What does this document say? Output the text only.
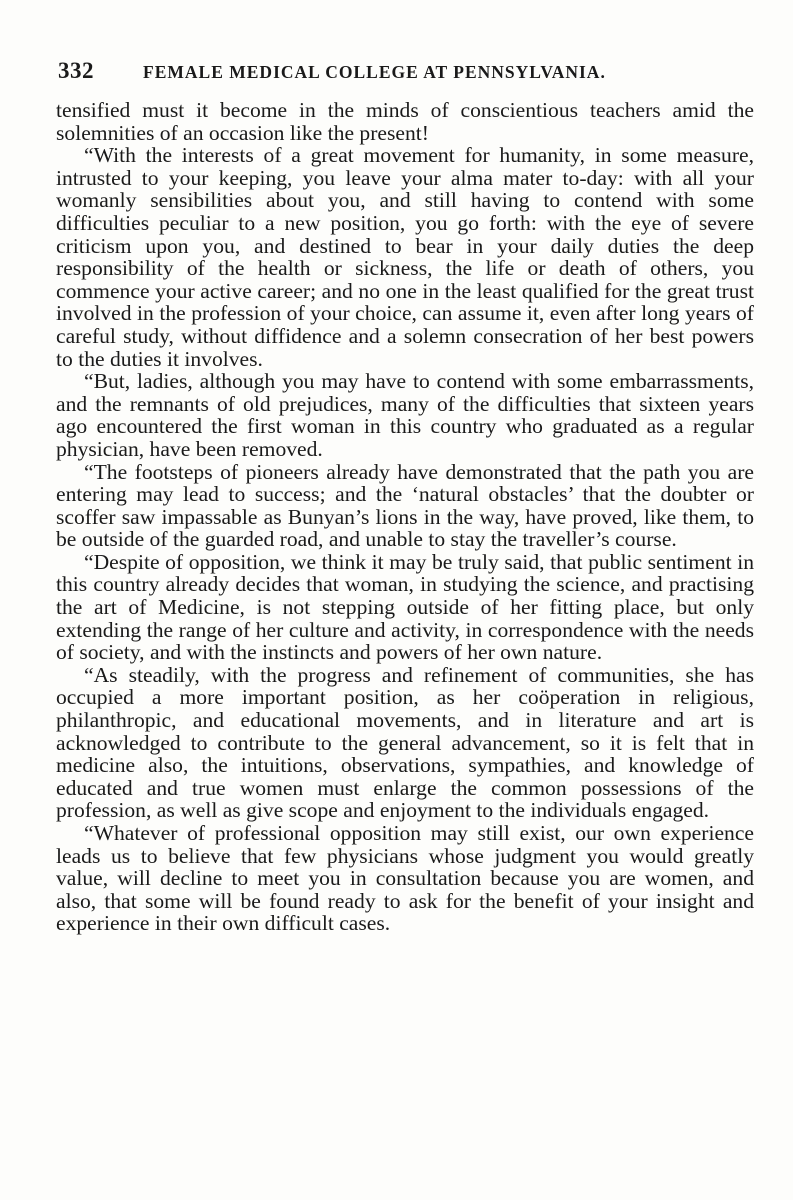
332	FEMALE MEDICAL COLLEGE AT PENNSYLVANIA.

tensified must it become in the minds of conscientious teachers amid the solemnities of an occasion like the present!

“With the interests of a great movement for humanity, in some measure, intrusted to your keeping, you leave your alma mater to-day: with all your womanly sensibilities about you, and still having to contend with some difficulties peculiar to a new position, you go forth: with the eye of severe criticism upon you, and destined to bear in your daily duties the deep responsibility of the health or sickness, the life or death of others, you commence your active career; and no one in the least qualified for the great trust involved in the profession of your choice, can assume it, even after long years of careful study, without diffidence and a solemn consecration of her best powers to the duties it involves.

“But, ladies, although you may have to contend with some embarrassments, and the remnants of old prejudices, many of the difficulties that sixteen years ago encountered the first woman in this country who graduated as a regular physician, have been removed.

“The footsteps of pioneers already have demonstrated that the path you are entering may lead to success; and the ‘natural obstacles’ that the doubter or scoffer saw impassable as Bunyan’s lions in the way, have proved, like them, to be outside of the guarded road, and unable to stay the traveller’s course.

“Despite of opposition, we think it may be truly said, that public sentiment in this country already decides that woman, in studying the science, and practising the art of Medicine, is not stepping outside of her fitting place, but only extending the range of her culture and activity, in correspondence with the needs of society, and with the instincts and powers of her own nature.

“As steadily, with the progress and refinement of communities, she has occupied a more important position, as her coöperation in religious, philanthropic, and educational movements, and in literature and art is acknowledged to contribute to the general advancement, so it is felt that in medicine also, the intuitions, observations, sympathies, and knowledge of educated and true women must enlarge the common possessions of the profession, as well as give scope and enjoyment to the individuals engaged.

“Whatever of professional opposition may still exist, our own experience leads us to believe that few physicians whose judgment you would greatly value, will decline to meet you in consultation because you are women, and also, that some will be found ready to ask for the benefit of your insight and experience in their own difficult cases.
